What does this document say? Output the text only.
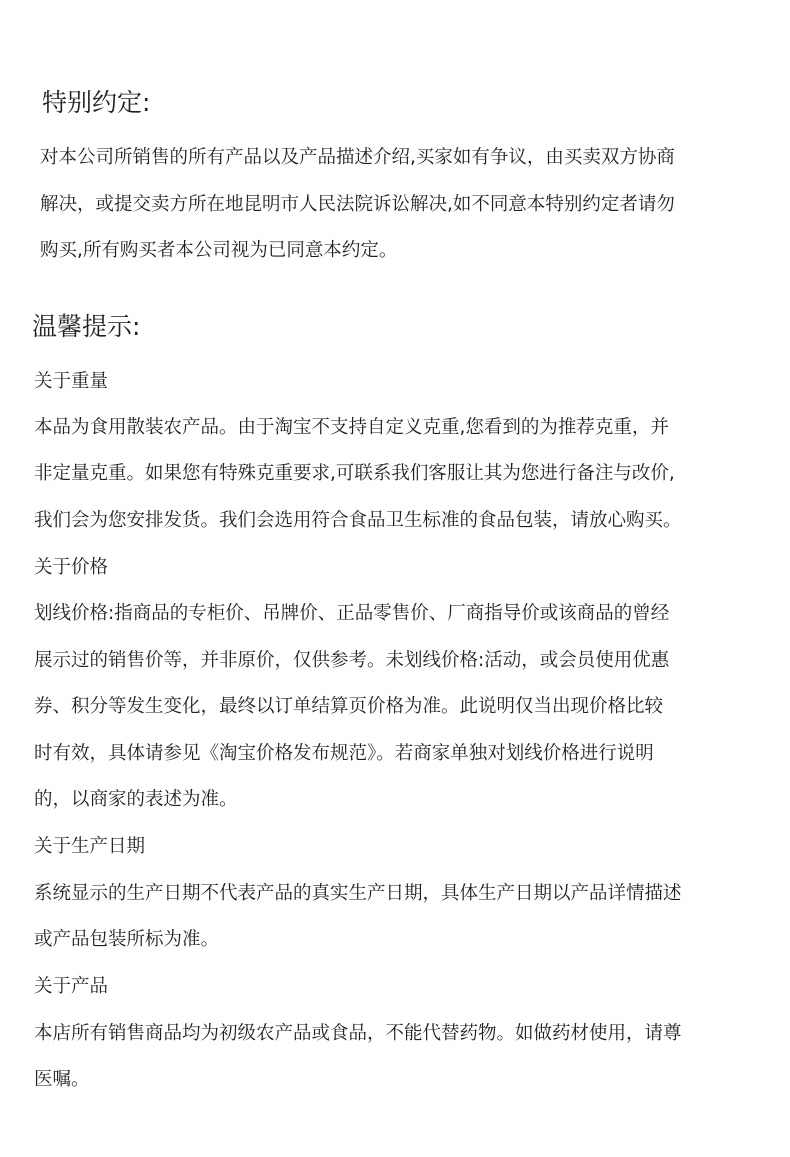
特别约定:

对本公司所销售的所有产品以及产品描述介绍,买家如有争议，由买卖双方协商

解决，或提交卖方所在地昆明市人民法院诉讼解决,如不同意本特别约定者请勿

购买,所有购买者本公司视为已同意本约定。

温馨提示:

关于重量

本品为食用散装农产品。由于淘宝不支持自定义克重,您看到的为推荐克重，并

非定量克重。如果您有特殊克重要求,可联系我们客服让其为您进行备注与改价,

我们会为您安排发货。我们会选用符合食品卫生标准的食品包装，请放心购买。

关于价格

划线价格:指商品的专柜价、吊牌价、正品零售价、厂商指导价或该商品的曾经

展示过的销售价等，并非原价，仅供参考。未划线价格:活动，或会员使用优惠

券、积分等发生变化，最终以订单结算页价格为准。此说明仅当出现价格比较

时有效，具体请参见《淘宝价格发布规范》。若商家单独对划线价格进行说明

的，以商家的表述为准。

关于生产日期

系统显示的生产日期不代表产品的真实生产日期，具体生产日期以产品详情描述

或产品包装所标为准。

关于产品

本店所有销售商品均为初级农产品或食品，不能代替药物。如做药材使用，请尊

医嘱。
